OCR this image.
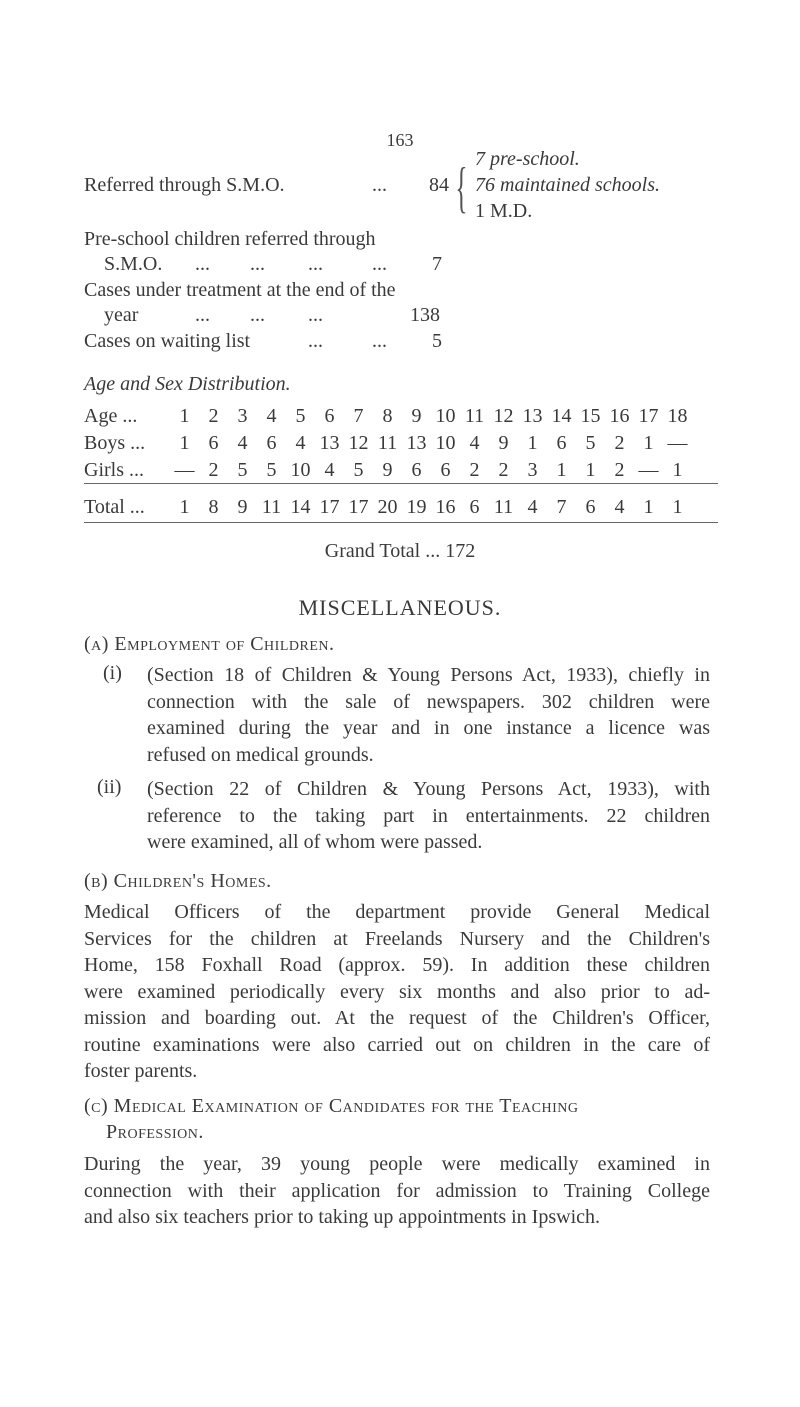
163
Referred through S.M.O.	... 84 { 7 pre-school.
76 maintained schools.
1 M.D.
Pre-school children referred through
S.M.O. ... ... ... ... 7
Cases under treatment at the end of the
year	... ... ...	138
Cases on waiting list	... ... 5
Age and Sex Distribution.
Age ...	1	2	3	4	5	6	7	8	9	10	11	12	13	14	15	16	17	18
Boys ...	1	6	4	6	4	13	12	11	13	10	4	9	1	6	5	2	1	—
Girls ...	—	2	5	5	10	4	5	9	6	6	2	2	3	1	1	2	—	1
Total ...	1	8	9	11	14	17	17	20	19	16	6	11	4	7	6	4	1	1
Grand Total ... 172
MISCELLANEOUS.
(a) Employment of Children.
(i) (Section 18 of Children & Young Persons Act, 1933), chiefly in
connection with the sale of newspapers. 302 children were
examined during the year and in one instance a licence was
refused on medical grounds.
(ii) (Section 22 of Children & Young Persons Act, 1933), with
reference to the taking part in entertainments. 22 children
were examined, all of whom were passed.
(b) Children's Homes.
Medical Officers of the department provide General Medical
Services for the children at Freelands Nursery and the Children's
Home, 158 Foxhall Road (approx. 59). In addition these children
were examined periodically every six months and also prior to ad-
mission and boarding out. At the request of the Children's Officer,
routine examinations were also carried out on children in the care of
foster parents.
(c) Medical Examination of Candidates for the Teaching
Profession.
During the year, 39 young people were medically examined in
connection with their application for admission to Training College
and also six teachers prior to taking up appointments in Ipswich.
